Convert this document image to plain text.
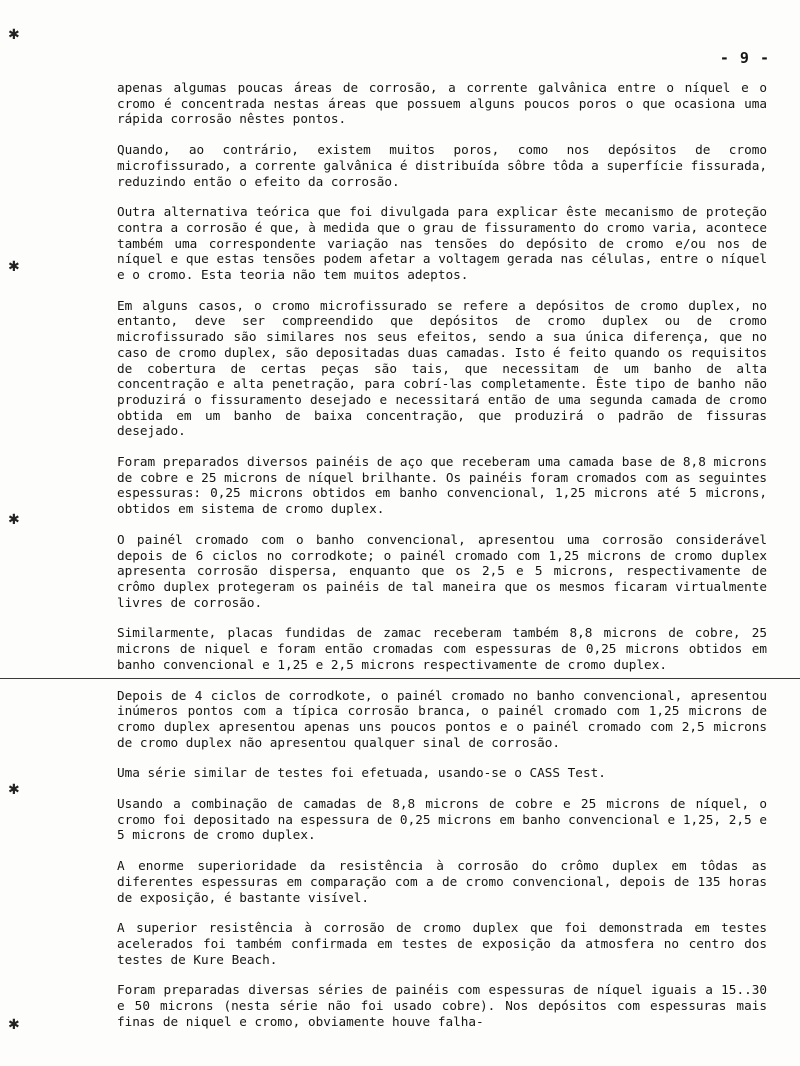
✱
✱
✱
✱
✱
- 9 -

apenas algumas poucas áreas de corrosão, a corrente galvânica entre o níquel e o cromo é concentrada nestas áreas que possuem alguns poucos poros o que ocasiona uma rápida corrosão nêstes pontos.

Quando, ao contrário, existem muitos poros, como nos depósitos de cromo microfissurado, a corrente galvânica é distribuída sôbre tôda a superfície fissurada, reduzindo então o efeito da corrosão.

Outra alternativa teórica que foi divulgada para explicar êste mecanismo de proteção contra a corrosão é que, à medida que o grau de fissuramento do cromo varia, acontece também uma correspondente variação nas tensões do depósito de cromo e/ou nos de níquel e que estas tensões podem afetar a voltagem gerada nas células, entre o níquel e o cromo. Esta teoria não tem muitos adeptos.

Em alguns casos, o cromo microfissurado se refere a depósitos de cromo duplex, no entanto, deve ser compreendido que depósitos de cromo duplex ou de cromo microfissurado são similares nos seus efeitos, sendo a sua única diferença, que no caso de cromo duplex, são depositadas duas camadas. Isto é feito quando os requisitos de cobertura de certas peças são tais, que necessitam de um banho de alta concentração e alta penetração, para cobrí-las completamente. Êste tipo de banho não produzirá o fissuramento desejado e necessitará então de uma segunda camada de cromo obtida em um banho de baixa concentração, que produzirá o padrão de fissuras desejado.

Foram preparados diversos painéis de aço que receberam uma camada base de 8,8 microns de cobre e 25 microns de níquel brilhante. Os painéis foram cromados com as seguintes espessuras: 0,25 microns obtidos em banho convencional, 1,25 microns até 5 microns, obtidos em sistema de cromo duplex.

O painél cromado com o banho convencional, apresentou uma corrosão considerável depois de 6 ciclos no corrodkote; o painél cromado com 1,25 microns de cromo duplex apresenta corrosão dispersa, enquanto que os 2,5 e 5 microns, respectivamente de crômo duplex protegeram os painéis de tal maneira que os mesmos ficaram virtualmente livres de corrosão.

Similarmente, placas fundidas de zamac receberam também 8,8 microns de cobre, 25 microns de niquel e foram então cromadas com espessuras de 0,25 microns obtidos em banho convencional e 1,25 e 2,5 microns respectivamente de cromo duplex.

Depois de 4 ciclos de corrodkote, o painél cromado no banho convencional, apresentou inúmeros pontos com a típica corrosão branca, o painél cromado com 1,25 microns de cromo duplex apresentou apenas uns poucos pontos e o painél cromado com 2,5 microns de cromo duplex não apresentou qualquer sinal de corrosão.

Uma série similar de testes foi efetuada, usando-se o CASS Test.

Usando a combinação de camadas de 8,8 microns de cobre e 25 microns de níquel, o cromo foi depositado na espessura de 0,25 microns em banho convencional e 1,25, 2,5 e 5 microns de cromo duplex.

A enorme superioridade da resistência à corrosão do crômo duplex em tôdas as diferentes espessuras em comparação com a de cromo convencional, depois de 135 horas de exposição, é bastante visível.

A superior resistência à corrosão de cromo duplex que foi demonstrada em testes acelerados foi também confirmada em testes de exposição da atmosfera no centro dos testes de Kure Beach.

Foram preparadas diversas séries de painéis com espessuras de níquel iguais a 15..30 e 50 microns (nesta série não foi usado cobre). Nos depósitos com espessuras mais finas de niquel e cromo, obviamente houve falha-
